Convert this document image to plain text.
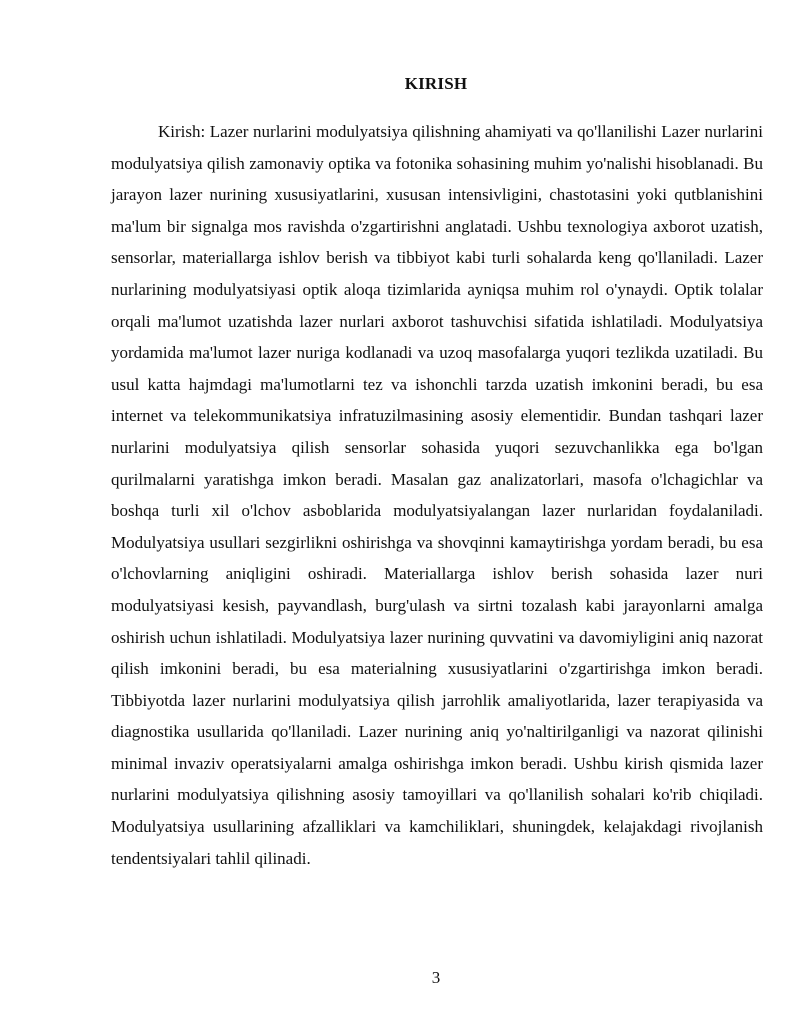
KIRISH

Kirish: Lazer nurlarini modulyatsiya qilishning ahamiyati va qo'llanilishi Lazer nurlarini modulyatsiya qilish zamonaviy optika va fotonika sohasining muhim yo'nalishi hisoblanadi. Bu jarayon lazer nurining xususiyatlarini, xususan intensivligini, chastotasini yoki qutblanishini ma'lum bir signalga mos ravishda o'zgartirishni anglatadi. Ushbu texnologiya axborot uzatish, sensorlar, materiallarga ishlov berish va tibbiyot kabi turli sohalarda keng qo'llaniladi. Lazer nurlarining modulyatsiyasi optik aloqa tizimlarida ayniqsa muhim rol o'ynaydi. Optik tolalar orqali ma'lumot uzatishda lazer nurlari axborot tashuvchisi sifatida ishlatiladi. Modulyatsiya yordamida ma'lumot lazer nuriga kodlanadi va uzoq masofalarga yuqori tezlikda uzatiladi. Bu usul katta hajmdagi ma'lumotlarni tez va ishonchli tarzda uzatish imkonini beradi, bu esa internet va telekommunikatsiya infratuzilmasining asosiy elementidir. Bundan tashqari lazer nurlarini modulyatsiya qilish sensorlar sohasida yuqori sezuvchanlikka ega bo'lgan qurilmalarni yaratishga imkon beradi. Masalan gaz analizatorlari, masofa o'lchagichlar va boshqa turli xil o'lchov asboblarida modulyatsiyalangan lazer nurlaridan foydalaniladi. Modulyatsiya usullari sezgirlikni oshirishga va shovqinni kamaytirishga yordam beradi, bu esa o'lchovlarning aniqligini oshiradi. Materiallarga ishlov berish sohasida lazer nuri modulyatsiyasi kesish, payvandlash, burg'ulash va sirtni tozalash kabi jarayonlarni amalga oshirish uchun ishlatiladi. Modulyatsiya lazer nurining quvvatini va davomiyligini aniq nazorat qilish imkonini beradi, bu esa materialning xususiyatlarini o'zgartirishga imkon beradi. Tibbiyotda lazer nurlarini modulyatsiya qilish jarrohlik amaliyotlarida, lazer terapiyasida va diagnostika usullarida qo'llaniladi. Lazer nurining aniq yo'naltirilganligi va nazorat qilinishi minimal invaziv operatsiyalarni amalga oshirishga imkon beradi. Ushbu kirish qismida lazer nurlarini modulyatsiya qilishning asosiy tamoyillari va qo'llanilish sohalari ko'rib chiqiladi. Modulyatsiya usullarining afzalliklari va kamchiliklari, shuningdek, kelajakdagi rivojlanish tendentsiyalari tahlil qilinadi.

3
